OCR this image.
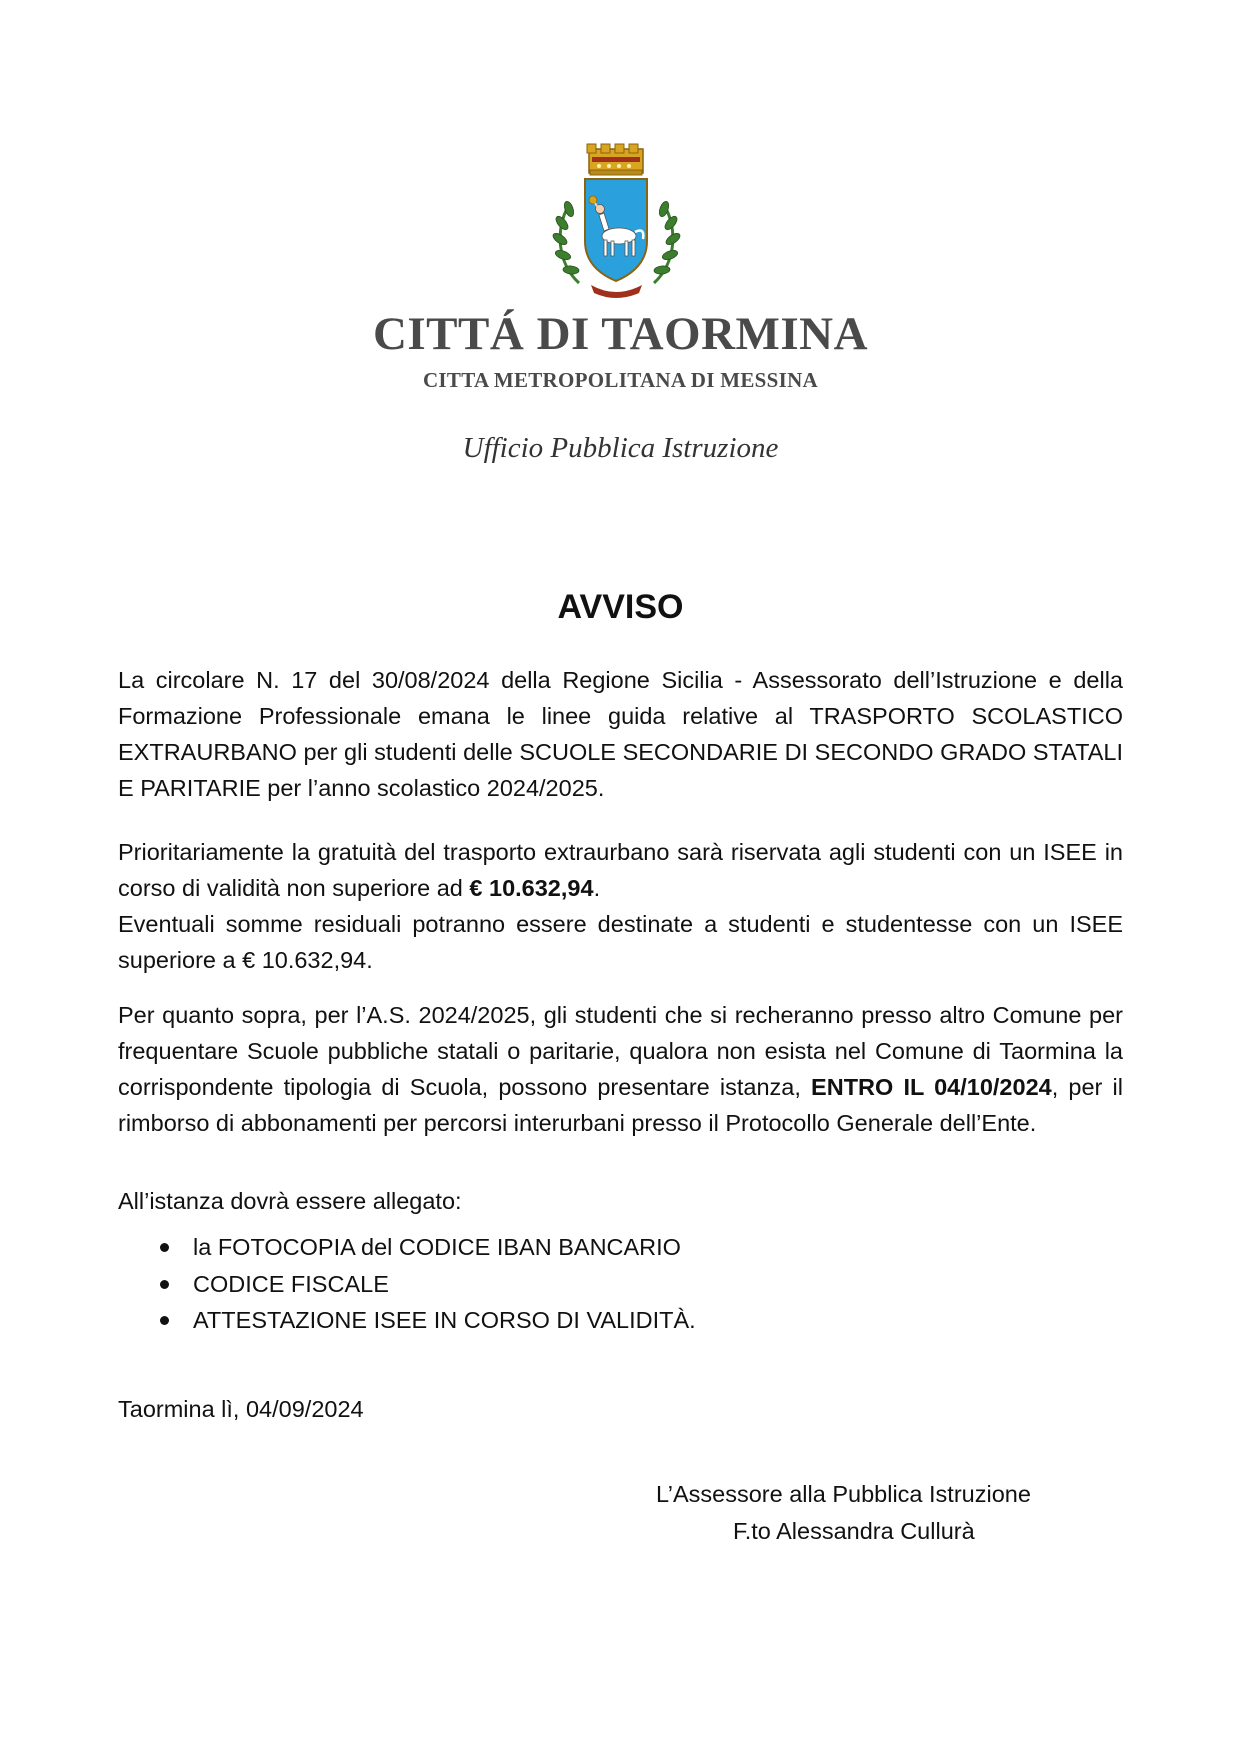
CITTÁ DI TAORMINA
CITTA METROPOLITANA DI MESSINA
Ufficio Pubblica Istruzione
AVVISO
La circolare N. 17 del 30/08/2024 della Regione Sicilia - Assessorato dell’Istruzione e della Formazione Professionale emana le linee guida relative al TRASPORTO SCOLASTICO EXTRAURBANO per gli studenti delle SCUOLE SECONDARIE DI SECONDO GRADO STATALI E PARITARIE per l’anno scolastico 2024/2025.
Prioritariamente la gratuità del trasporto extraurbano sarà riservata agli studenti con un ISEE in corso di validità non superiore ad € 10.632,94.
Eventuali somme residuali potranno essere destinate a studenti e studentesse con un ISEE superiore a € 10.632,94.
Per quanto sopra, per l’A.S. 2024/2025, gli studenti che si recheranno presso altro Comune per frequentare Scuole pubbliche statali o paritarie, qualora non esista nel Comune di Taormina la corrispondente tipologia di Scuola, possono presentare istanza, ENTRO IL 04/10/2024, per il rimborso di abbonamenti per percorsi interurbani presso il Protocollo Generale dell’Ente.
All’istanza dovrà essere allegato:
la FOTOCOPIA del CODICE IBAN BANCARIO
CODICE FISCALE
ATTESTAZIONE ISEE IN CORSO DI VALIDITÀ.
Taormina lì, 04/09/2024
L’Assessore alla Pubblica Istruzione
F.to Alessandra Cullurà
